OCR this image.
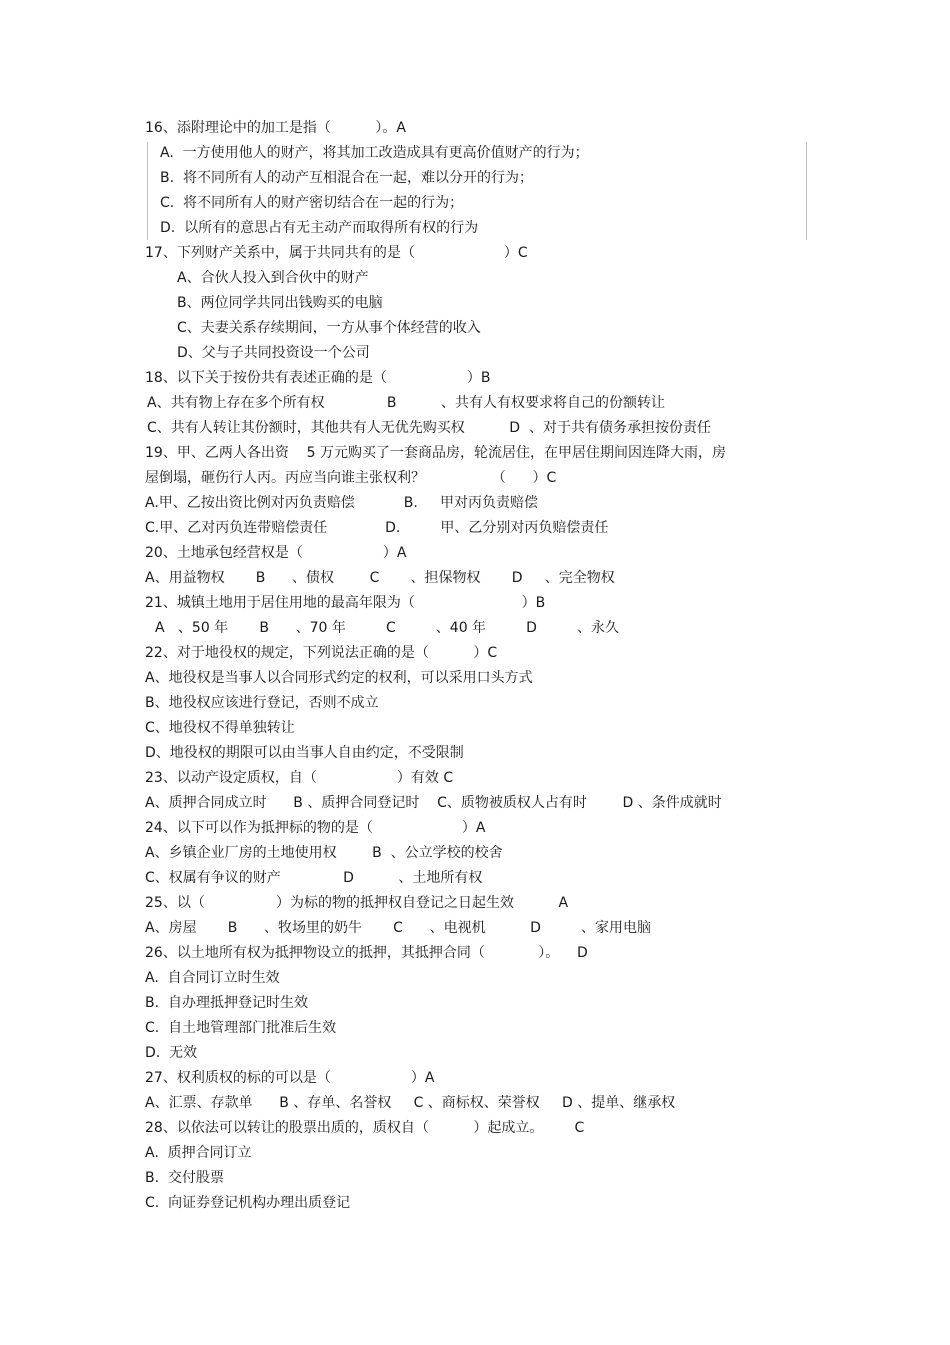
16、添附理论中的加工是指（          ）。A
A.  一方使用他人的财产，将其加工改造成具有更高价值财产的行为；
B.  将不同所有人的动产互相混合在一起，难以分开的行为；
C.  将不同所有人的财产密切结合在一起的行为；
D.  以所有的意思占有无主动产而取得所有权的行为
17、下列财产关系中，属于共同共有的是（                    ）C
A、合伙人投入到合伙中的财产
B、两位同学共同出钱购买的电脑
C、夫妻关系存续期间，一方从事个体经营的收入
D、父与子共同投资设一个公司
18、以下关于按份共有表述正确的是（                  ）B
A、共有物上存在多个所有权              B          、共有人有权要求将自己的份额转让
C、共有人转让其份额时，其他共有人无优先购买权          D  、对于共有债务承担按份责任
19、甲、乙两人各出资    5 万元购买了一套商品房，轮流居住，在甲居住期间因连降大雨，房
屋倒塌，砸伤行人丙。丙应当向谁主张权利？               （      ）C
A.甲、乙按出资比例对丙负责赔偿           B.     甲对丙负责赔偿
C.甲、乙对丙负连带赔偿责任             D.         甲、乙分别对丙负赔偿责任
20、土地承包经营权是（                  ）A
A、用益物权       B      、债权        C       、担保物权       D     、完全物权
21、城镇土地用于居住用地的最高年限为（                        ）B
A   、50 年       B      、70 年         C         、40 年         D         、永久
22、对于地役权的规定，下列说法正确的是（          ）C
A、地役权是当事人以合同形式约定的权利，可以采用口头方式
B、地役权应该进行登记，否则不成立
C、地役权不得单独转让
D、地役权的期限可以由当事人自由约定，不受限制
23、以动产设定质权，自（                  ）有效 C
A、质押合同成立时      B 、质押合同登记时    C、质物被质权人占有时        D 、条件成就时
24、以下可以作为抵押标的物的是（                    ）A
A、乡镇企业厂房的土地使用权        B  、公立学校的校舍
C、权属有争议的财产              D          、土地所有权
25、以（                ）为标的物的抵押权自登记之日起生效          A
A、房屋       B      、牧场里的奶牛       C      、电视机          D         、家用电脑
26、以土地所有权为抵押物设立的抵押，其抵押合同（            ）。    D
A.  自合同订立时生效
B.  自办理抵押登记时生效
C.  自土地管理部门批准后生效
D.  无效
27、权利质权的标的可以是（                  ）A
A、汇票、存款单      B 、存单、名誉权     C 、商标权、荣誉权     D 、提单、继承权
28、以依法可以转让的股票出质的，质权自（          ）起成立。       C
A.  质押合同订立
B.  交付股票
C.  向证券登记机构办理出质登记
